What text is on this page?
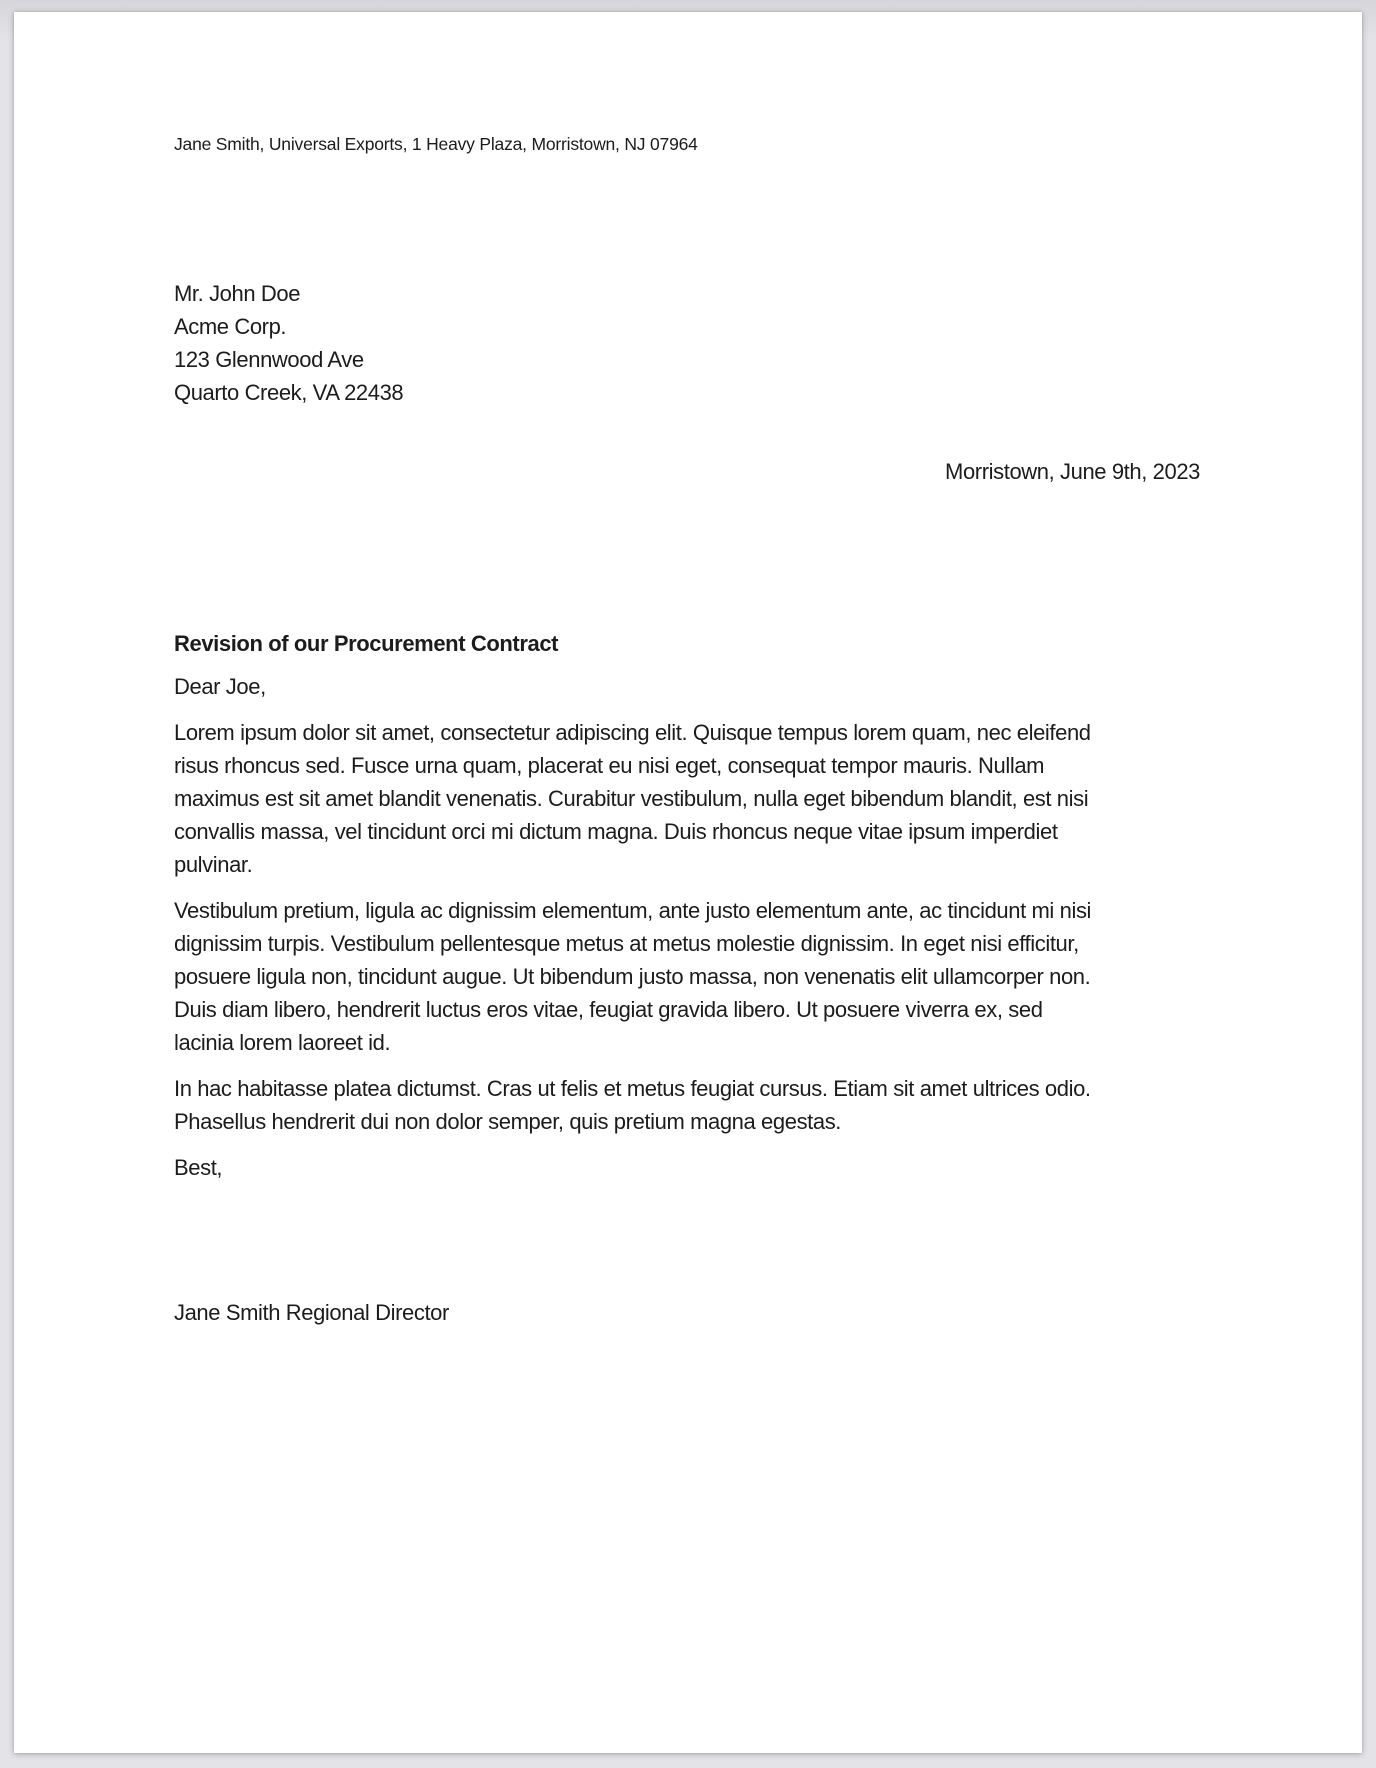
Jane Smith, Universal Exports, 1 Heavy Plaza, Morristown, NJ 07964
Mr. John Doe
Acme Corp.
123 Glennwood Ave
Quarto Creek, VA 22438
Morristown, June 9th, 2023
Revision of our Procurement Contract
Dear Joe,
Lorem ipsum dolor sit amet, consectetur adipiscing elit. Quisque tempus lorem quam, nec eleifend
risus rhoncus sed. Fusce urna quam, placerat eu nisi eget, consequat tempor mauris. Nullam
maximus est sit amet blandit venenatis. Curabitur vestibulum, nulla eget bibendum blandit, est nisi
convallis massa, vel tincidunt orci mi dictum magna. Duis rhoncus neque vitae ipsum imperdiet
pulvinar.
Vestibulum pretium, ligula ac dignissim elementum, ante justo elementum ante, ac tincidunt mi nisi
dignissim turpis. Vestibulum pellentesque metus at metus molestie dignissim. In eget nisi efficitur,
posuere ligula non, tincidunt augue. Ut bibendum justo massa, non venenatis elit ullamcorper non.
Duis diam libero, hendrerit luctus eros vitae, feugiat gravida libero. Ut posuere viverra ex, sed
lacinia lorem laoreet id.
In hac habitasse platea dictumst. Cras ut felis et metus feugiat cursus. Etiam sit amet ultrices odio.
Phasellus hendrerit dui non dolor semper, quis pretium magna egestas.
Best,
Jane Smith Regional Director
